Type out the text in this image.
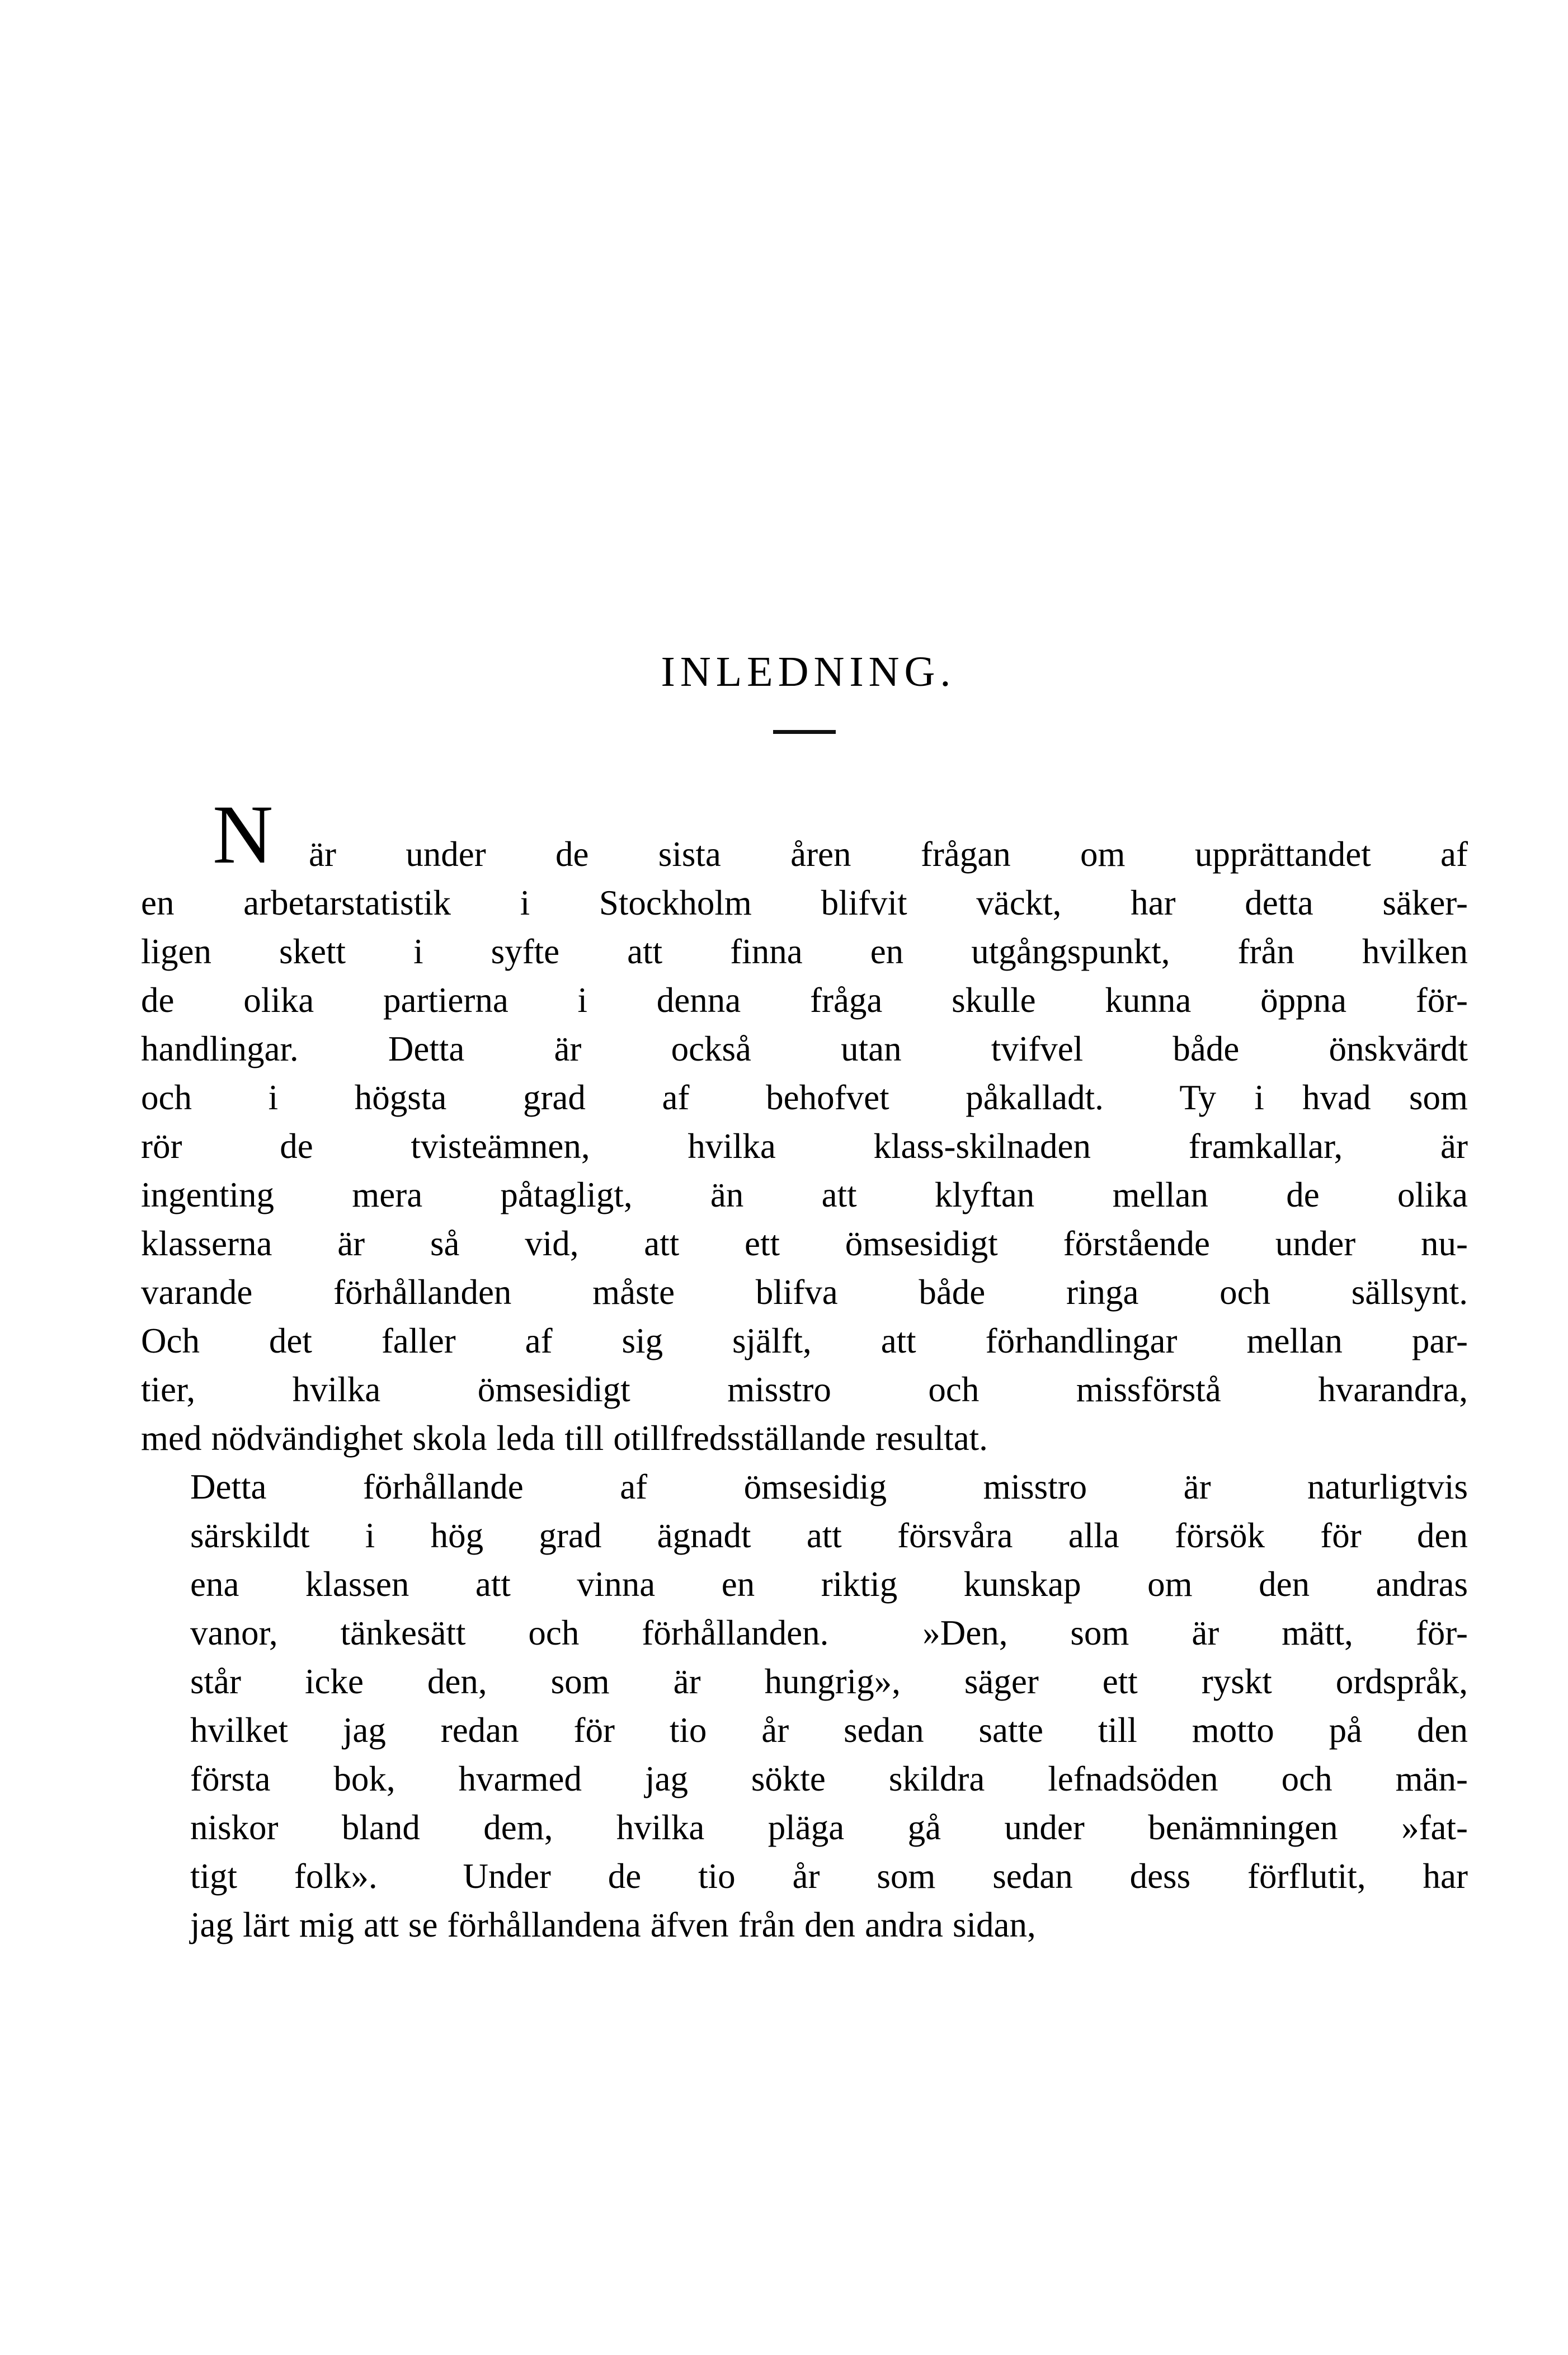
INLEDNING.

N	är under de sista åren frågan om upprättandet af
en  arbetarstatistik  i  Stockholm  blifvit  väckt,  har  detta  säker-
ligen  skett  i  syfte  att  finna  en  utgångspunkt,  från  hvilken
de  olika  partierna  i  denna  fråga  skulle  kunna  öppna  för-
handlingar.  Detta  är  också  utan  tvifvel  både  önskvärdt
och  i  högsta  grad  af  behofvet  påkalladt.  Ty i hvad som
rör  de  tvisteämnen,  hvilka  klass-skilnaden  framkallar,  är
ingenting  mera  påtagligt,  än  att  klyftan  mellan  de  olika
klasserna  är  så  vid,  att  ett  ömsesidigt  förstående  under  nu-
varande  förhållanden  måste  blifva  både  ringa  och  sällsynt.
Och  det  faller  af  sig  själft,  att  förhandlingar  mellan  par-
tier,  hvilka  ömsesidigt  misstro  och  missförstå  hvarandra,
med nödvändighet skola leda till otillfredsställande resultat.

Detta  förhållande  af  ömsesidig  misstro  är  naturligtvis
särskildt i hög grad ägnadt att försvåra alla försök för den
ena  klassen  att  vinna  en  riktig  kunskap  om  den  andras
vanor,  tänkesätt  och  förhållanden.   »Den,  som  är  mätt,  för-
står  icke  den,  som  är  hungrig»,  säger  ett  ryskt  ordspråk,
hvilket  jag  redan  för  tio  år  sedan  satte  till  motto  på  den
första  bok,  hvarmed  jag  sökte  skildra  lefnadsöden  och  män-
niskor  bland  dem,  hvilka  pläga  gå  under  benämningen  »fat-
tigt  folk».   Under  de  tio  år  som  sedan  dess  förflutit,  har
jag lärt mig att se förhållandena äfven från den andra sidan,
